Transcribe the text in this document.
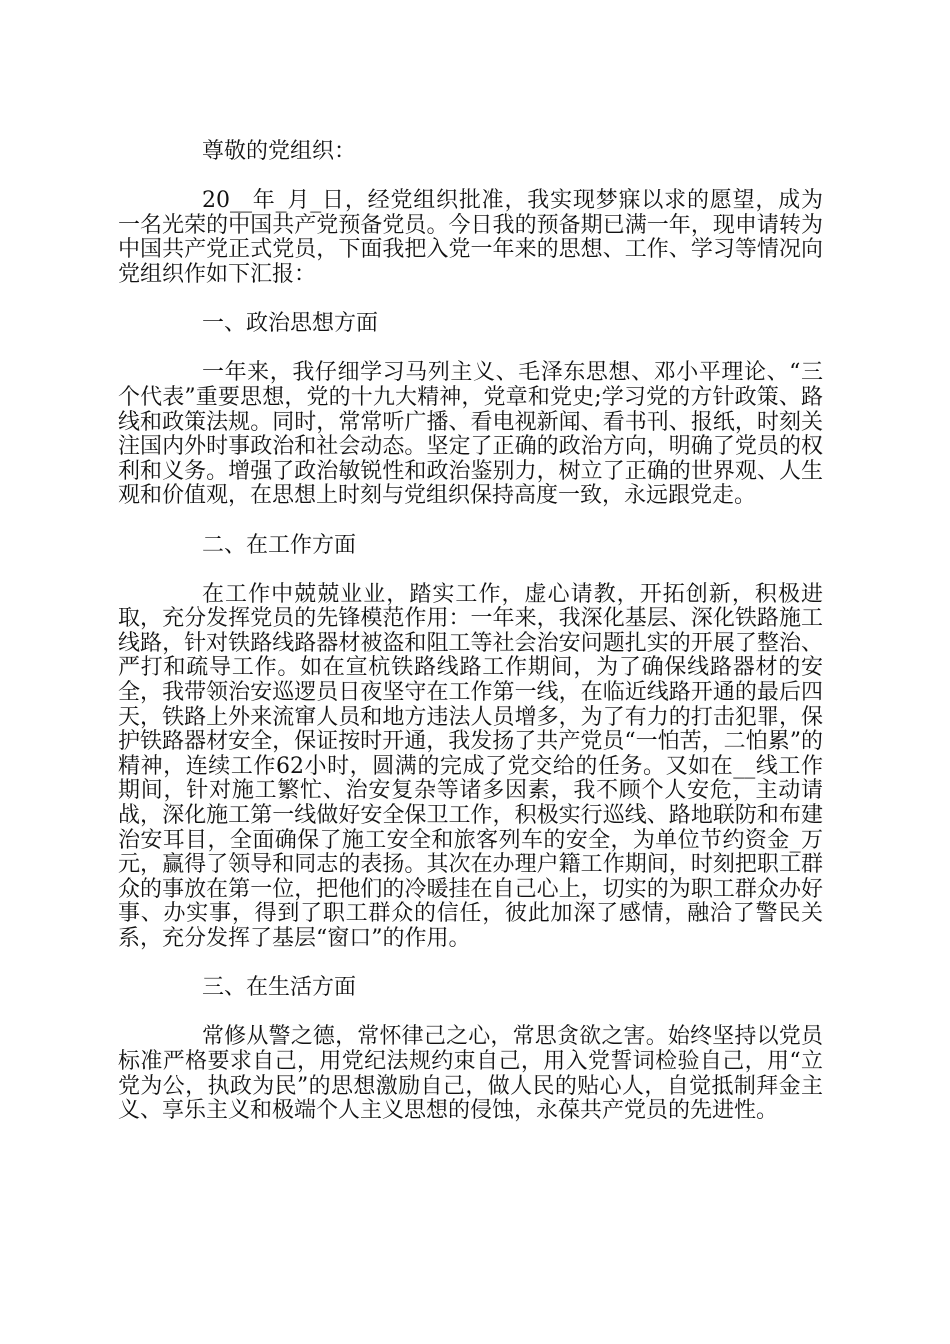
尊敬的党组织：

20__年_月_日，经党组织批准，我实现梦寐以求的愿望，成为一名光荣的中国共产党预备党员。今日我的预备期已满一年，现申请转为中国共产党正式党员，下面我把入党一年来的思想、工作、学习等情况向党组织作如下汇报：

一、政治思想方面

一年来，我仔细学习马列主义、毛泽东思想、邓小平理论、“三个代表”重要思想，党的十九大精神，党章和党史;学习党的方针政策、路线和政策法规。同时，常常听广播、看电视新闻、看书刊、报纸，时刻关注国内外时事政治和社会动态。坚定了正确的政治方向，明确了党员的权利和义务。增强了政治敏锐性和政治鉴别力，树立了正确的世界观、人生观和价值观，在思想上时刻与党组织保持高度一致，永远跟党走。

二、在工作方面

在工作中兢兢业业，踏实工作，虚心请教，开拓创新，积极进取，充分发挥党员的先锋模范作用：一年来，我深化基层、深化铁路施工线路，针对铁路线路器材被盗和阻工等社会治安问题扎实的开展了整治、严打和疏导工作。如在宣杭铁路线路工作期间，为了确保线路器材的安全，我带领治安巡逻员日夜坚守在工作第一线，在临近线路开通的最后四天，铁路上外来流窜人员和地方违法人员增多，为了有力的打击犯罪，保护铁路器材安全，保证按时开通，我发扬了共产党员“一怕苦，二怕累”的精神，连续工作62小时，圆满的完成了党交给的任务。又如在__线工作期间，针对施工繁忙、治安复杂等诸多因素，我不顾个人安危，主动请战，深化施工第一线做好安全保卫工作，积极实行巡线、路地联防和布建治安耳目，全面确保了施工安全和旅客列车的安全，为单位节约资金_万元，赢得了领导和同志的表扬。其次在办理户籍工作期间，时刻把职工群众的事放在第一位，把他们的冷暖挂在自己心上，切实的为职工群众办好事、办实事，得到了职工群众的信任，彼此加深了感情，融洽了警民关系，充分发挥了基层“窗口”的作用。

三、在生活方面

常修从警之德，常怀律己之心，常思贪欲之害。始终坚持以党员标准严格要求自己，用党纪法规约束自己，用入党誓词检验自己，用“立党为公，执政为民”的思想激励自己，做人民的贴心人，自觉抵制拜金主义、享乐主义和极端个人主义思想的侵蚀，永葆共产党员的先进性。
